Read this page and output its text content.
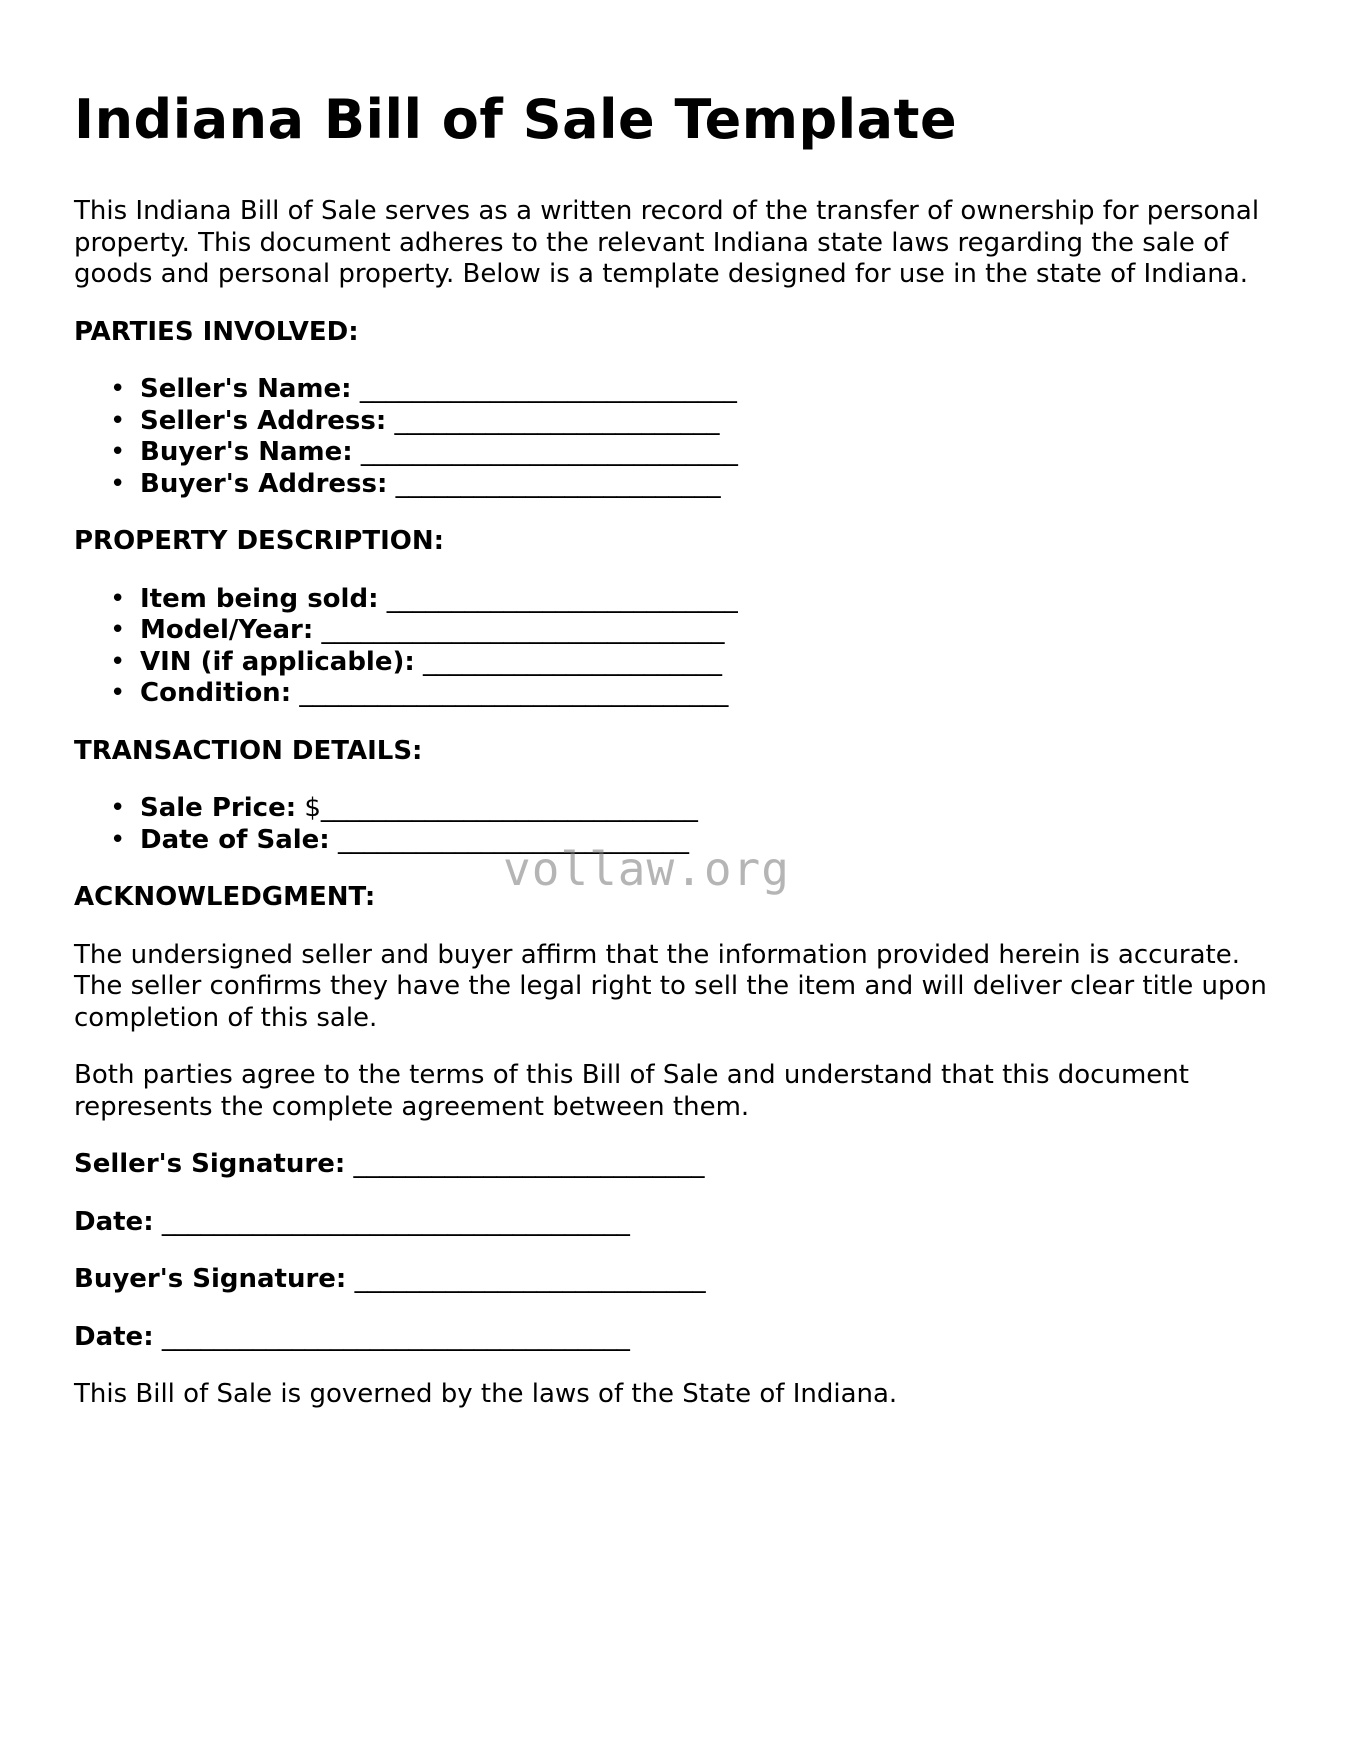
Indiana Bill of Sale Template

This Indiana Bill of Sale serves as a written record of the transfer of ownership for personal property. This document adheres to the relevant Indiana state laws regarding the sale of goods and personal property. Below is a template designed for use in the state of Indiana.

PARTIES INVOLVED:
• Seller's Name: _____________________________
• Seller's Address: _________________________
• Buyer's Name: _____________________________
• Buyer's Address: _________________________
PROPERTY DESCRIPTION:
• Item being sold: ___________________________
• Model/Year: _______________________________
• VIN (if applicable): _______________________
• Condition: _________________________________
TRANSACTION DETAILS:
• Sale Price: $_____________________________
• Date of Sale: ___________________________
ACKNOWLEDGMENT:

The undersigned seller and buyer affirm that the information provided herein is accurate. The seller confirms they have the legal right to sell the item and will deliver clear title upon completion of this sale.

Both parties agree to the terms of this Bill of Sale and understand that this document represents the complete agreement between them.

Seller's Signature: ___________________________
Date: ____________________________________
Buyer's Signature: ___________________________
Date: ____________________________________

This Bill of Sale is governed by the laws of the State of Indiana.

vollaw.org
